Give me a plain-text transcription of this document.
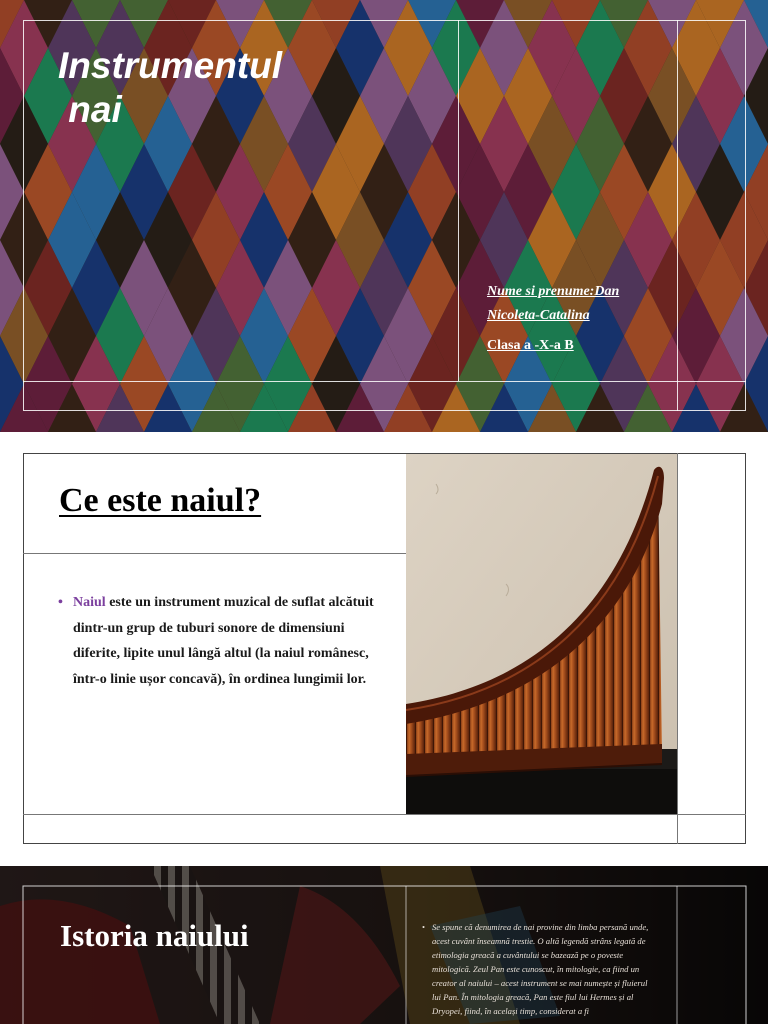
Instrumentul
nai

Nume si prenume:Dan Nicoleta-Catalina

Clasa a -X-a B

Ce este naiul?

• Naiul este un instrument muzical de suflat alcătuit dintr-un grup de tuburi sonore de dimensiuni diferite, lipite unul lângă altul (la naiul românesc, într-o linie ușor concavă), în ordinea lungimii lor.

Istoria naiului	• Se spune că denumirea de nai provine din limba persană unde, acest cuvânt înseamnă trestie. O altă legendă strâns legată de etimologia greacă a cuvântului se bazează pe o poveste mitologică. Zeul Pan este cunoscut, în mitologie, ca fiind un creator al naiului – acest instrument se mai numește și fluierul lui Pan. În mitologia greacă, Pan este fiul lui Hermes și al Dryopei, fiind, în același timp, considerat a fi
